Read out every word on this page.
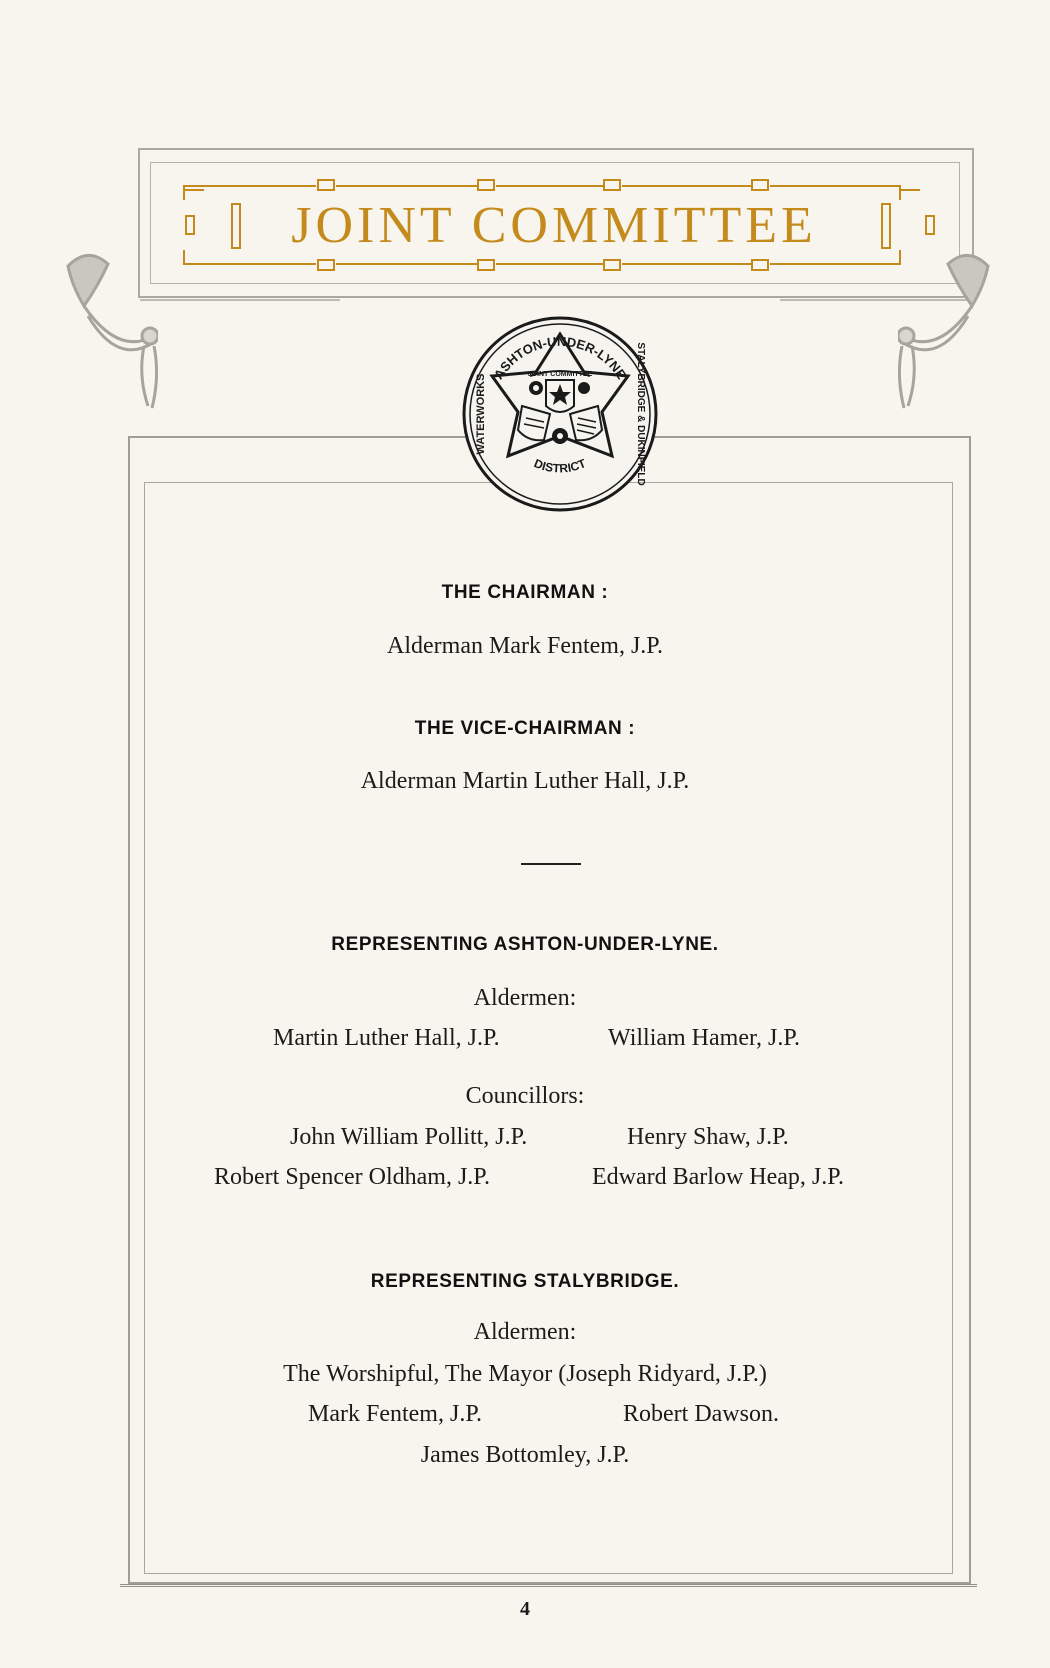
JOINT COMMITTEE
ASHTON-UNDER-LYNE
DISTRICT
WATERWORKS	STALYBRIDGE & DUKINFIELD
JOINT COMMITTEE
THE CHAIRMAN :
Alderman Mark Fentem, J.P.
THE VICE-CHAIRMAN :
Alderman Martin Luther Hall, J.P.
REPRESENTING ASHTON-UNDER-LYNE.
Aldermen:
Martin Luther Hall, J.P.	William Hamer, J.P.
Councillors:
John William Pollitt, J.P.	Henry Shaw, J.P.
Robert Spencer Oldham, J.P.	Edward Barlow Heap, J.P.
REPRESENTING STALYBRIDGE.
Aldermen:
The Worshipful, The Mayor (Joseph Ridyard, J.P.)
Mark Fentem, J.P.	Robert Dawson.
James Bottomley, J.P.
4
